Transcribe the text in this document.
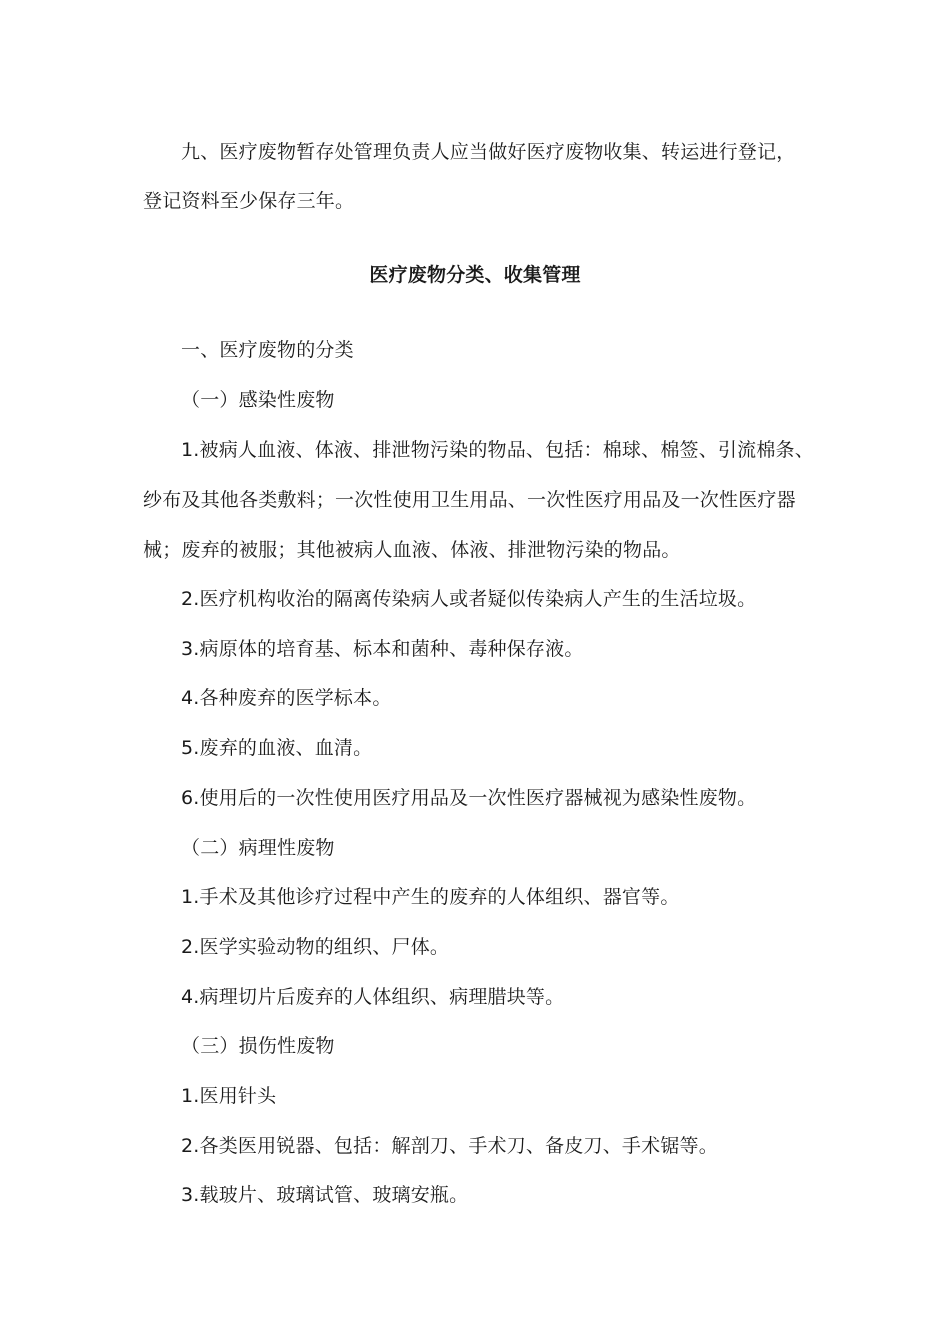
九、医疗废物暂存处管理负责人应当做好医疗废物收集、转运进行登记，
登记资料至少保存三年。
医疗废物分类、收集管理
一、医疗废物的分类
（一）感染性废物
1.被病人血液、体液、排泄物污染的物品、包括：棉球、棉签、引流棉条、
纱布及其他各类敷料；一次性使用卫生用品、一次性医疗用品及一次性医疗器
械；废弃的被服；其他被病人血液、体液、排泄物污染的物品。
2.医疗机构收治的隔离传染病人或者疑似传染病人产生的生活垃圾。
3.病原体的培育基、标本和菌种、毒种保存液。
4.各种废弃的医学标本。
5.废弃的血液、血清。
6.使用后的一次性使用医疗用品及一次性医疗器械视为感染性废物。
（二）病理性废物
1.手术及其他诊疗过程中产生的废弃的人体组织、器官等。
2.医学实验动物的组织、尸体。
4.病理切片后废弃的人体组织、病理腊块等。
（三）损伤性废物
1.医用针头
2.各类医用锐器、包括：解剖刀、手术刀、备皮刀、手术锯等。
3.载玻片、玻璃试管、玻璃安瓶。
